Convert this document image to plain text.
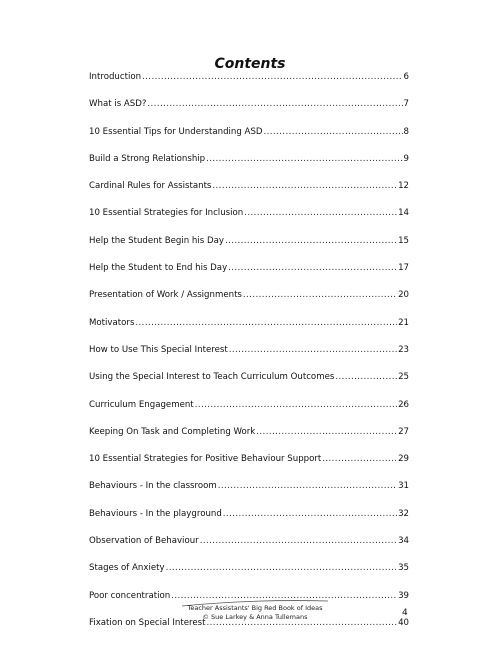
Contents
Introduction .....	6
What is ASD? .....	7
10 Essential Tips for Understanding ASD .....	8
Build a Strong Relationship .....	9
Cardinal Rules for Assistants .....	12
10 Essential Strategies for Inclusion .....	14
Help the Student Begin his Day .....	15
Help the Student to End his Day .....	17
Presentation of Work / Assignments .....	20
Motivators .....	21
How to Use This Special Interest .....	23
Using the Special Interest to Teach Curriculum Outcomes .....	25
Curriculum Engagement .....	26
Keeping On Task and Completing Work .....	27
10 Essential Strategies for Positive Behaviour Support .....	29
Behaviours - In the classroom .....	31
Behaviours - In the playground .....	32
Observation of Behaviour .....	34
Stages of Anxiety .....	35
Poor concentration .....	39
Fixation on Special Interest .....	40
Teacher Assistants' Big Red Book of Ideas
© Sue Larkey & Anna Tullemans	4
